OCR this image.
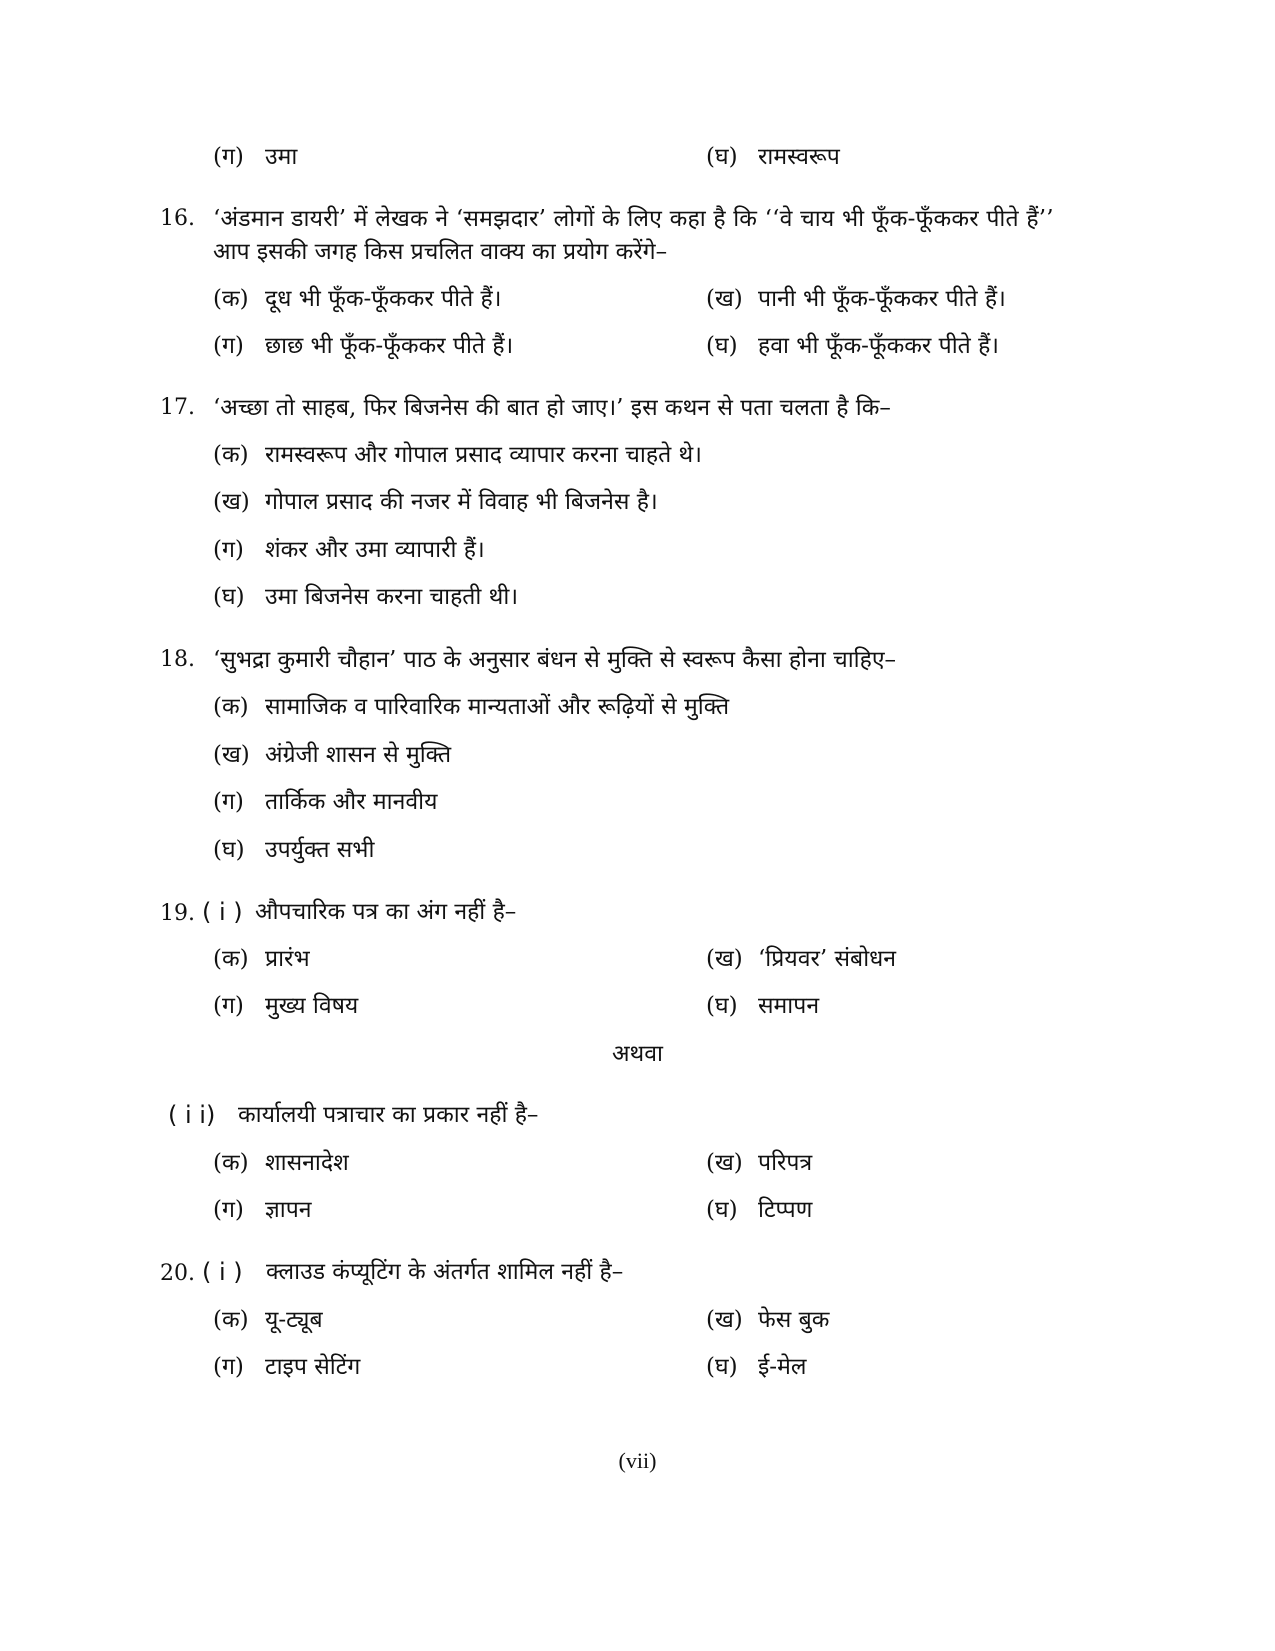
(ग) उमा	(घ) रामस्वरूप
16. ‘अंडमान डायरी’ में लेखक ने ‘समझदार’ लोगों के लिए कहा है कि ‘‘वे चाय भी फूँक-फूँककर पीते हैं’’
आप इसकी जगह किस प्रचलित वाक्य का प्रयोग करेंगे–
(क) दूध भी फूँक-फूँककर पीते हैं।	(ख) पानी भी फूँक-फूँककर पीते हैं।
(ग) छाछ भी फूँक-फूँककर पीते हैं।	(घ) हवा भी फूँक-फूँककर पीते हैं।
17. ‘अच्छा तो साहब, फिर बिजनेस की बात हो जाए।’ इस कथन से पता चलता है कि–
(क) रामस्वरूप और गोपाल प्रसाद व्यापार करना चाहते थे।
(ख) गोपाल प्रसाद की नजर में विवाह भी बिजनेस है।
(ग) शंकर और उमा व्यापारी हैं।
(घ) उमा बिजनेस करना चाहती थी।
18. ‘सुभद्रा कुमारी चौहान’ पाठ के अनुसार बंधन से मुक्ति से स्वरूप कैसा होना चाहिए–
(क) सामाजिक व पारिवारिक मान्यताओं और रूढ़ियों से मुक्ति
(ख) अंग्रेजी शासन से मुक्ति
(ग) तार्किक और मानवीय
(घ) उपर्युक्त सभी
19. ( i ) औपचारिक पत्र का अंग नहीं है–
(क) प्रारंभ	(ख) ‘प्रियवर’ संबोधन
(ग) मुख्य विषय	(घ) समापन
अथवा
( i i) कार्यालयी पत्राचार का प्रकार नहीं है–
(क) शासनादेश	(ख) परिपत्र
(ग) ज्ञापन	(घ) टिप्पण
20. ( i ) क्लाउड कंप्यूटिंग के अंतर्गत शामिल नहीं है–
(क) यू-ट्यूब	(ख) फेस बुक
(ग) टाइप सेटिंग	(घ) ई-मेल
(vii)
